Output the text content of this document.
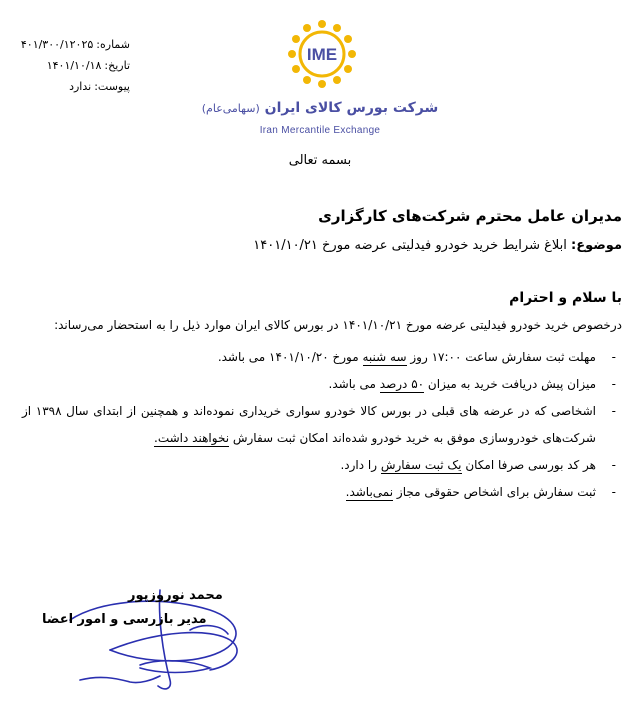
شماره:۴۰۱/۳۰۰/۱۲۰۲۵
تاریخ:۱۴۰۱/۱۰/۱۸
پیوست:ندارد
IME
شرکت بورس کالای ایران (سهامی‌عام)
Iran Mercantile Exchange
بسمه تعالی
مدیران عامل محترم شرکت‌های کارگزاری
موضوع: ابلاغ شرایط خرید خودرو فیدلیتی عرضه مورخ ۱۴۰۱/۱۰/۲۱
با سلام و احترام
درخصوص خرید خودرو فیدلیتی عرضه مورخ ۱۴۰۱/۱۰/۲۱ در بورس کالای ایران موارد ذیل را به استحضار می‌رساند:
-
مهلت ثبت سفارش ساعت ۱۷:۰۰ روز سه شنبه مورخ ۱۴۰۱/۱۰/۲۰ می باشد.
-
میزان پیش دریافت خرید به میزان ۵۰ درصد می باشد.
-
اشخاصی که در عرضه های قبلی در بورس کالا خودرو سواری خریداری نموده‌اند و همچنین از ابتدای سال ۱۳۹۸ از شرکت‌های خودروسازی موفق به خرید خودرو شده‌اند امکان ثبت سفارش نخواهند داشت.
-
هر کد بورسی صرفا امکان یک ثبت سفارش را دارد.
-
ثبت سفارش برای اشخاص حقوقی مجاز نمی‌باشد.
محمد نوروزپور
مدیر بازرسی و امور اعضا
